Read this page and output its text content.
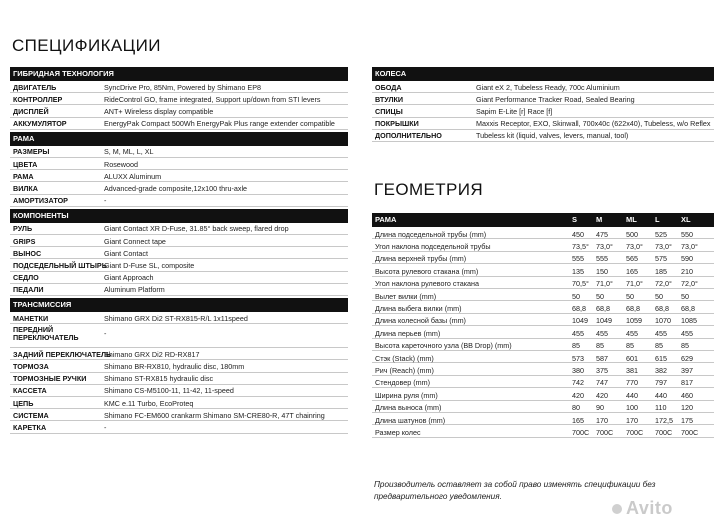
СПЕЦИФИКАЦИИ
ГЕОМЕТРИЯ
ГИБРИДНАЯ ТЕХНОЛОГИЯ
ДВИГАТЕЛЬ	SyncDrive Pro, 85Nm, Powered by Shimano EP8
КОНТРОЛЛЕР	RideControl GO, frame integrated, Support up/down from STI levers
ДИСПЛЕЙ	ANT+ Wireless display compatible
АККУМУЛЯТОР	EnergyPak Compact 500Wh EnergyPak Plus range extender compatible
РАМА
РАЗМЕРЫ	S, M, ML, L, XL
ЦВЕТА	Rosewood
РАМА	ALUXX Aluminum
ВИЛКА	Advanced-grade composite,12x100 thru-axle
АМОРТИЗАТОР	-
КОМПОНЕНТЫ
РУЛЬ	Giant Contact XR D-Fuse, 31.85° back sweep, flared drop
GRIPS	Giant Connect tape
ВЫНОС	Giant Contact
ПОДСЕДЕЛЬНЫЙ ШТЫРЬ
Giant D-Fuse SL, composite
СЕДЛО	Giant Approach
ПЕДАЛИ	Aluminum Platform
ТРАНСМИССИЯ
МАНЕТКИ	Shimano GRX Di2 ST-RX815-R/L 1x11speed
ПЕРЕДНИЙ ПЕРЕКЛЮЧАТЕЛЬ	-
ЗАДНИЙ ПЕРЕКЛЮЧАТЕЛЬ
Shimano GRX Di2 RD-RX817
ТОРМОЗА	Shimano BR-RX810, hydraulic disc, 180mm
ТОРМОЗНЫЕ РУЧКИ Shimano ST-RX815 hydraulic disc
КАССЕТА	Shimano CS-M5100-11, 11-42, 11-speed
ЦЕПЬ	KMC e.11 Turbo, EcoProteq
СИСТЕМА	Shimano FC-EM600 crankarm Shimano SM-CRE80-R, 47T chainring
КАРЕТКА	-
КОЛЕСА
ОБОДА	Giant eX 2, Tubeless Ready, 700c Aluminium
ВТУЛКИ	Giant Performance Tracker Road, Sealed Bearing
СПИЦЫ	Sapim E-Lite [r] Race [f]
ПОКРЫШКИ	Maxxis Receptor, EXO, Skinwall, 700x40c (622x40), Tubeless, w/o Reflex
ДОПОЛНИТЕЛЬНО	Tubeless kit (liquid, valves, levers, manual, tool)
РАМА	S	M	ML L	XL
Длина подседельной трубы (mm)	450 475	500 525 550
Угол наклона подседельной трубы	73,5° 73,0° 73,0° 73,0° 73,0°
Длина верхней трубы (mm)	555 555	565 575 590
Высота рулевого стакана (mm)	135 150	165 185 210
Угол наклона рулевого стакана	70,5° 71,0° 71,0° 72,0° 72,0°
Вылет вилки (mm)	50 50	50	50	50
Длина выбега вилки (mm)	68,8 68,8 68,8 68,8 68,8
Длина колесной базы (mm)	1049 1049 1059 1070 1085
Длина перьев (mm)	455 455	455 455 455
Высота кареточного узла (BB Drop) (mm)	85 85	85	85	85
Стэк (Stack) (mm)	573 587	601 615 629
Рич (Reach) (mm)	380 375	381 382 397
Стендовер (mm)	742 747	770 797 817
Ширина руля (mm)	420 420	440 440 460
Длина выноса (mm)	80 90	100 110 120
Длина шатунов (mm)	165 170	170 172,5 175
Размер колес	700C 700C 700C 700C 700C
Производитель оставляет за собой право изменять спецификации без предварительного уведомления.
Avito
